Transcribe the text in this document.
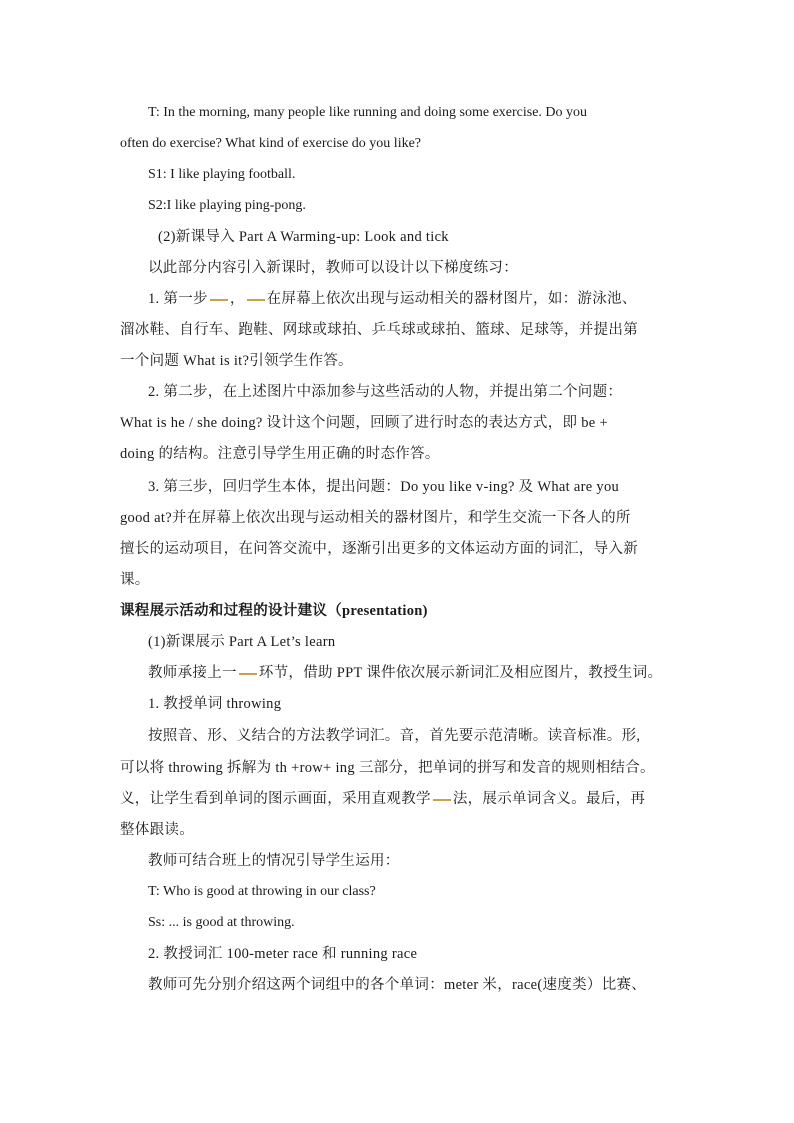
T: In the morning, many people like running and doing some exercise. Do you
often do exercise? What kind of exercise do you like?
S1: I like playing football.
S2:I like playing ping-pong.
(2)新课导入 Part A Warming-up: Look and tick
以此部分内容引入新课时，教师可以设计以下梯度练习：
1. 第一步 ， 在屏幕上依次出现与运动相关的器材图片，如：游泳池、
溜冰鞋、自行车、跑鞋、网球或球拍、乒乓球或球拍、篮球、足球等，并提出第
一个问题 What is it?引领学生作答。
2. 第二步，在上述图片中添加参与这些活动的人物，并提出第二个问题：
What is he / she doing? 设计这个问题，回顾了进行时态的表达方式，即 be +
doing 的结构。注意引导学生用正确的时态作答。
3. 第三步，回归学生本体，提出问题：Do you like v-ing? 及 What are you
good at?并在屏幕上依次出现与运动相关的器材图片，和学生交流一下各人的所
擅长的运动项目，在问答交流中，逐渐引出更多的文体运动方面的词汇，导入新
课。
课程展示活动和过程的设计建议（presentation)
(1)新课展示 Part A Let’s learn
教师承接上一 环节，借助 PPT 课件依次展示新词汇及相应图片，教授生词。
1. 教授单词 throwing
按照音、形、义结合的方法教学词汇。音，首先要示范清晰。读音标准。形,
可以将 throwing 拆解为 th +row+ ing 三部分，把单词的拼写和发音的规则相结合。
义，让学生看到单词的图示画面，采用直观教学 法，展示单词含义。最后，再
整体跟读。
教师可结合班上的情况引导学生运用：
T: Who is good at throwing in our class?
Ss: ... is good at throwing.
2. 教授词汇 100-meter race 和 running race
教师可先分别介绍这两个词组中的各个单词：meter 米，race(速度类）比赛、
